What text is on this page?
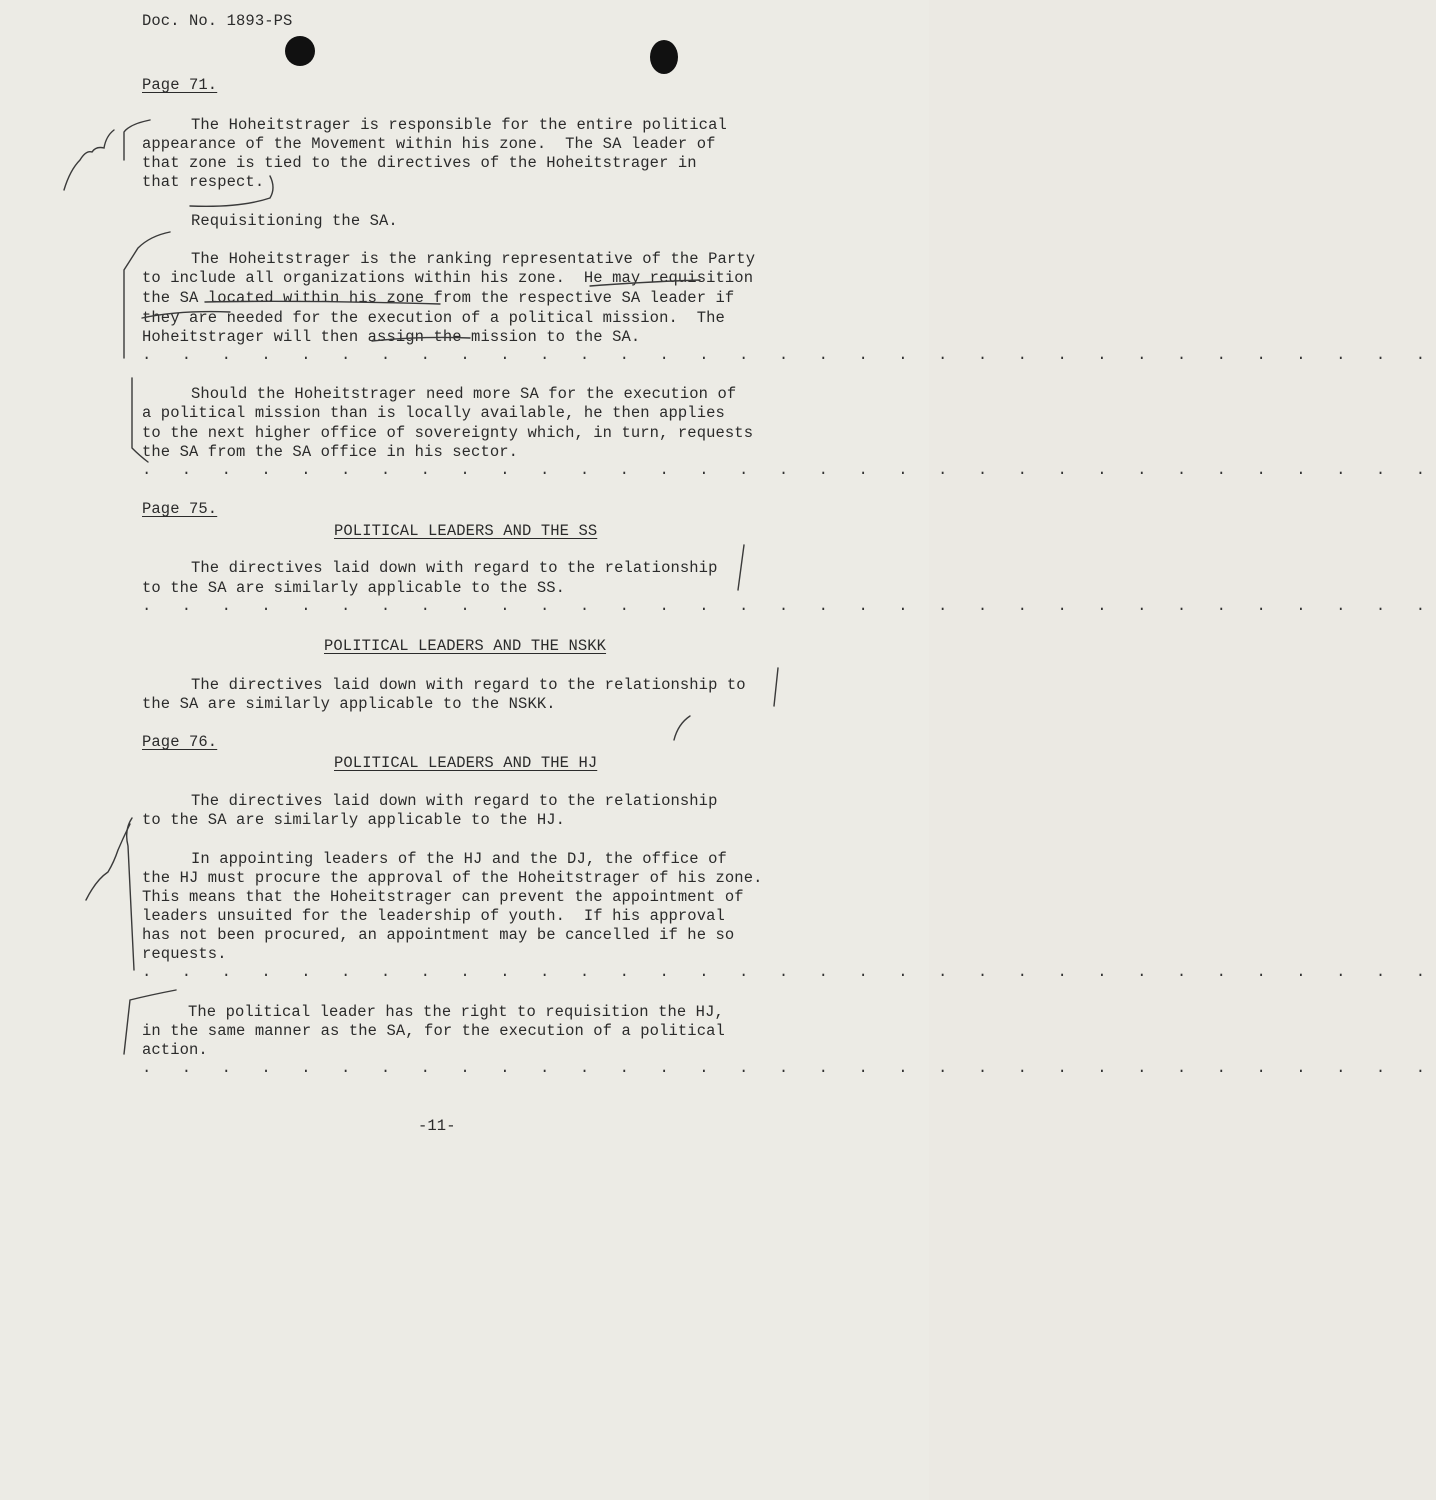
Doc. No. 1893-PS
Page 71.
The Hoheitstrager is responsible for the entire political
appearance of the Movement within his zone.  The SA leader of
that zone is tied to the directives of the Hoheitstrager in
that respect.
Requisitioning the SA.
The Hoheitstrager is the ranking representative of the Party
to include all organizations within his zone.  He may requisition
the SA located within his zone from the respective SA leader if
they are needed for the execution of a political mission.  The
Hoheitstrager will then assign the mission to the SA.
. . . . . . . . . . . . . . . . . . . . . . . . . . . . . . . . .
Should the Hoheitstrager need more SA for the execution of
a political mission than is locally available, he then applies
to the next higher office of sovereignty which, in turn, requests
the SA from the SA office in his sector.
. . . . . . . . . . . . . . . . . . . . . . . . . . . . . . . . .
Page 75.
POLITICAL LEADERS AND THE SS
The directives laid down with regard to the relationship
to the SA are similarly applicable to the SS.
. . . . . . . . . . . . . . . . . . . . . . . . . . . . . . . . .
POLITICAL LEADERS AND THE NSKK
The directives laid down with regard to the relationship to
the SA are similarly applicable to the NSKK.
Page 76.
POLITICAL LEADERS AND THE HJ
The directives laid down with regard to the relationship
to the SA are similarly applicable to the HJ.
In appointing leaders of the HJ and the DJ, the office of
the HJ must procure the approval of the Hoheitstrager of his zone.
This means that the Hoheitstrager can prevent the appointment of
leaders unsuited for the leadership of youth.  If his approval
has not been procured, an appointment may be cancelled if he so
requests.
. . . . . . . . . . . . . . . . . . . . . . . . . . . . . . . . .
The political leader has the right to requisition the HJ,
in the same manner as the SA, for the execution of a political
action.
. . . . . . . . . . . . . . . . . . . . . . . . . . . . . . . . .
-11-
